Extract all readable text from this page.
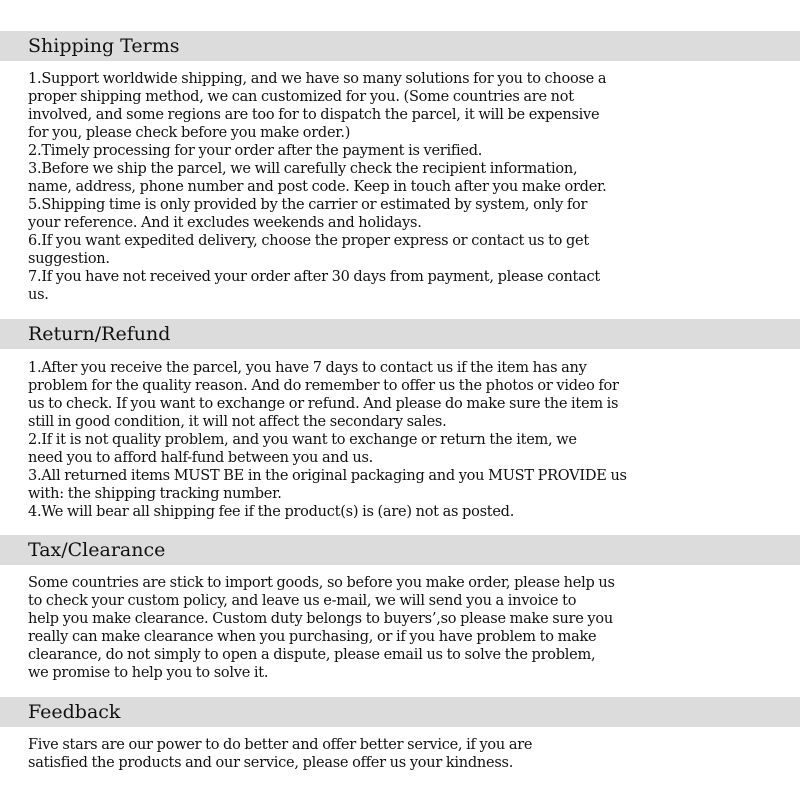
Shipping Terms
1.Support worldwide shipping, and we have so many solutions for you to choose a
proper shipping method, we can customized for you. (Some countries are not
involved, and some regions are too for to dispatch the parcel, it will be expensive
for you, please check before you make order.)
2.Timely processing for your order after the payment is verified.
3.Before we ship the parcel, we will carefully check the recipient information,
name, address, phone number and post code. Keep in touch after you make order.
5.Shipping time is only provided by the carrier or estimated by system, only for
your reference. And it excludes weekends and holidays.
6.If you want expedited delivery, choose the proper express or contact us to get
suggestion.
7.If you have not received your order after 30 days from payment, please contact
us.
Return/Refund
1.After you receive the parcel, you have 7 days to contact us if the item has any
problem for the quality reason. And do remember to offer us the photos or video for
us to check. If you want to exchange or refund. And please do make sure the item is
still in good condition, it will not affect the secondary sales.
2.If it is not quality problem, and you want to exchange or return the item, we
need you to afford half-fund between you and us.
3.All returned items MUST BE in the original packaging and you MUST PROVIDE us
with: the shipping tracking number.
4.We will bear all shipping fee if the product(s) is (are) not as posted.
Tax/Clearance
Some countries are stick to import goods, so before you make order, please help us
to check your custom policy, and leave us e-mail, we will send you a invoice to
help you make clearance. Custom duty belongs to buyers’,so please make sure you
really can make clearance when you purchasing, or if you have problem to make
clearance, do not simply to open a dispute, please email us to solve the problem,
we promise to help you to solve it.
Feedback
Five stars are our power to do better and offer better service, if you are
satisfied the products and our service, please offer us your kindness.
